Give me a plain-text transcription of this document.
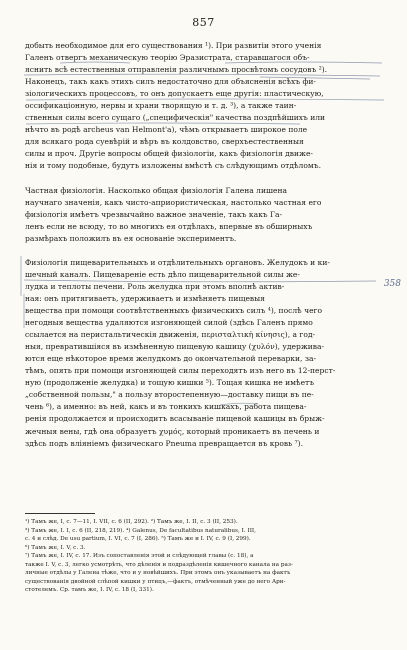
857

добыть необходимое для его существования ¹). При развитіи этого ученія

Галенъ отвергъ механическую теорію Эразистрата, старавшагося объ-

яснить всѣ естественныя отправленія различнымъ просвѣтомъ сосудовъ ²).

Наконецъ, такъ какъ этихъ силъ недостаточно для объясненія всѣхъ фи-

зіологическихъ процессовъ, то онъ допускаетъ еще другія: пластическую,

оссификаціонную, нервы и храни творящую и т. д. ³), а также таин-

ственныя силы всего сущаго („специфическія" качества поздпѣйшихъ или

нѣчто въ родѣ archeus van Helmont'a), чѣмъ открываетъ широкое поле

для всякаго рода суевѣрій и вѣръ въ колдовство, сверхъестественныя

силы и проч. Другіе вопросы общей физіологіи, какъ физіологія движе-

нія и тому подобные, будутъ изложены вмѣстѣ съ слѣдующимъ отдѣломъ.

Частная физіологія. Насколько общая физіологія Галена лишена

научнаго значенія, какъ чисто-априористическая, настолько частная его

физіологія имѣетъ чрезвычайно важное значеніе, такъ какъ Га-

ленъ если не всюду, то во многихъ ея отдѣлахъ, впервые въ обширныхъ

размѣрахъ положилъ въ ея основаніе экспериментъ.

Физіологія пищеварительныхъ и отдѣлительныхъ органовъ. Желудокъ и ки-

шечный каналъ. Пищевареніе есть дѣло пищеварительной силы же-

лудка и теплоты печени. Роль желудка при этомъ вполнѣ актив-

ная: онъ притягиваетъ, удерживаетъ и измѣняетъ пищевыя

вещества при помощи соотвѣтственныхъ физическихъ силъ ⁴), послѣ чего

негодныя вещества удаляются изгоняющей силой (здѣсь Галенъ прямо

ссылается на перистальтическія движенія, περισταλτικὴ κίνησις), а год-

ныя, превратившіяся въ измѣненную пищевую кашицу (χυλόν), удержива-

ются еще нѣкоторое время желудкомъ до окончательной переварки, за-

тѣмъ, опять при помощи изгоняющей силы переходятъ изъ него въ 12-перст-

ную (продолженіе желудка) и тощую кишки ⁵). Тощая кишка не имѣетъ

„собственной пользы," а пользу второстепенную—доставку пищи въ пе-

чень ⁶), а именно: въ ней, какъ и въ тонкихъ кишкахъ, работа пищева-

ренія продолжается и происходитъ всасываніе пищевой кашицы въ брыж-

жечныя вены, гдѣ она образуетъ χυμός, который проникаетъ въ печень и

здѣсь подъ вліяніемъ физическаго Pneuma превращается въ кровь ⁷).

358

¹) Тамъ же, I, с. 7—11, I. VII, с. 6 (II, 292). ²) Тамъ же, I. II, с. 3 (II, 253).

³) Тамъ же, I. I, с. 6 (II, 218, 219). ⁴) Galenus, De facultatibus naturalibus, I. III,

с. 4 и слѣд. De usu partium, I. VI, с. 7 (I, 286). ⁵) Тамъ же и I. IV, с. 9 (I, 299).

⁶) Тамъ же, I. V, с. 3.

⁷) Тамъ же, I. IV, с. 17. Изъ сопоставленія этой и слѣдующей главы (с. 18), а

также I. V, с. 3, легко усмотрѣть, что дѣленія и подраздѣленія кишечного канала на раз-

личные отдѣлы у Галена тѣже, что и у новѣйшихъ. При этомъ онъ указываетъ на фактъ

существованія двойной слѣпой кишки у птицъ,—фактъ, отмѣченный уже до него Ари-

стотелемъ. Ср. тамъ же, I. IV, с. 18 (I, 331).
